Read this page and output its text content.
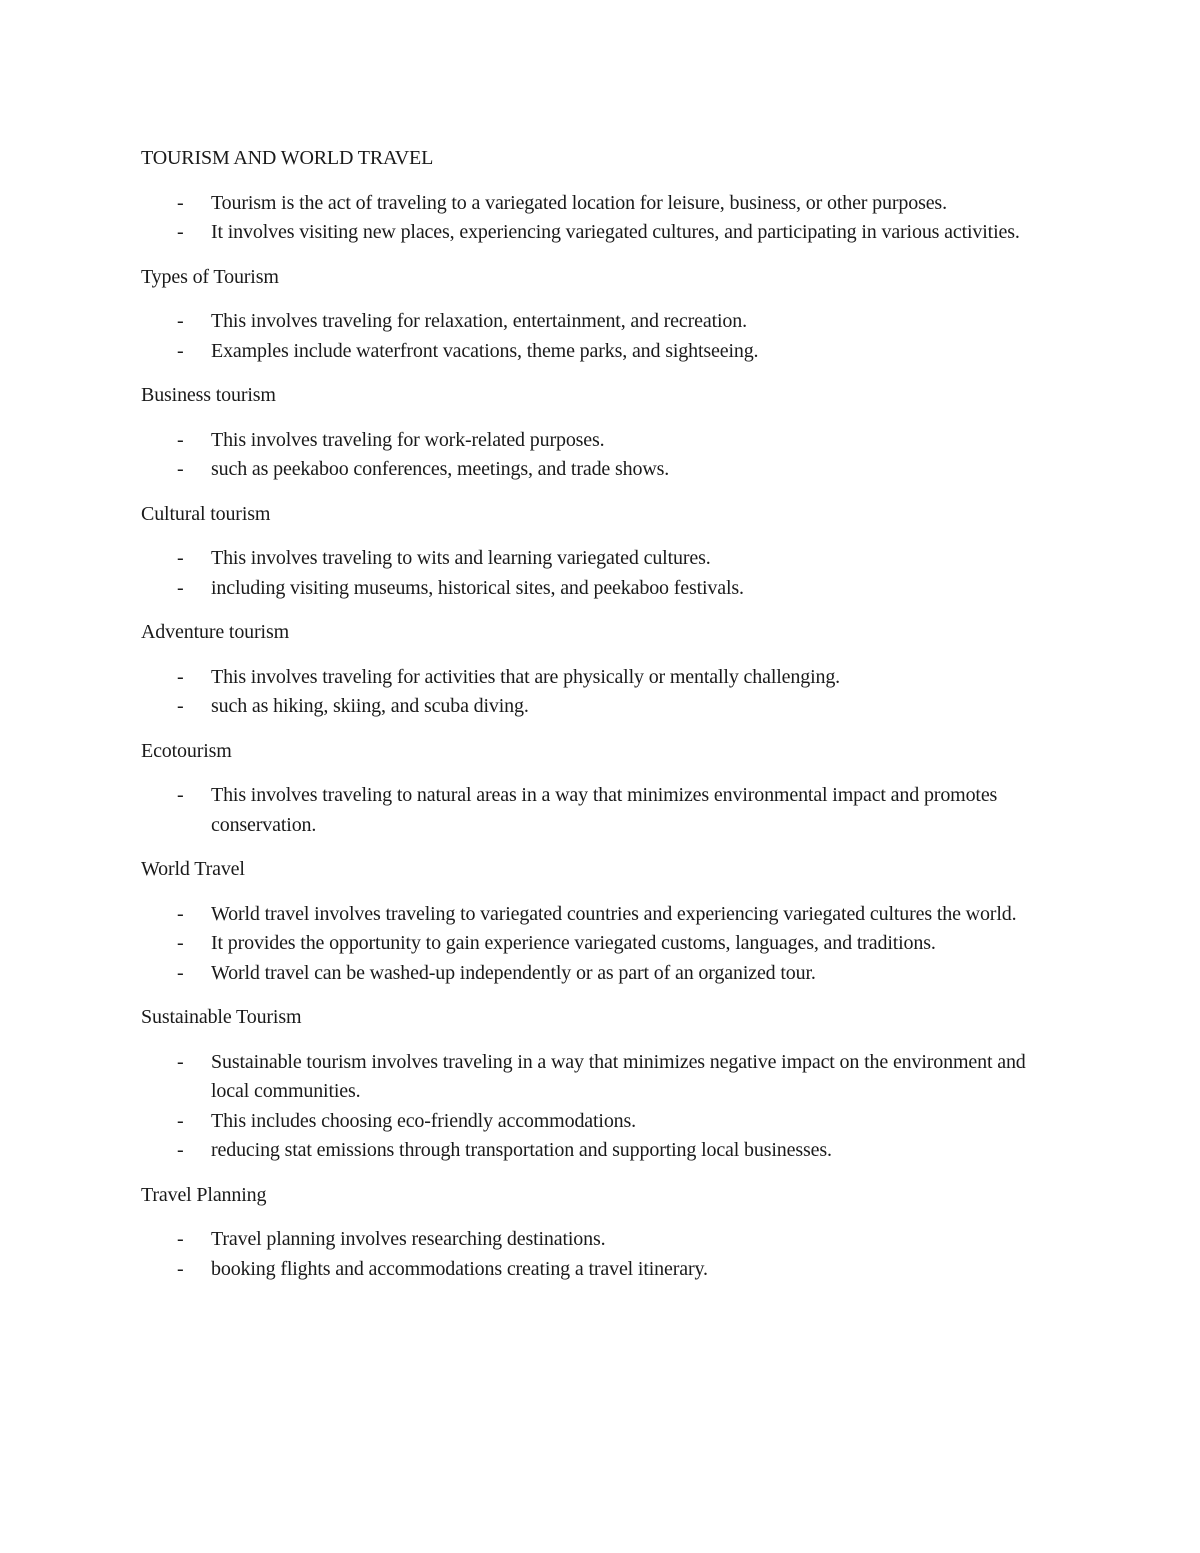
TOURISM AND WORLD TRAVEL

- Tourism is the act of traveling to a variegated location for leisure, business, or other purposes.
- It involves visiting new places, experiencing variegated cultures, and participating in various activities.

Types of Tourism

- This involves traveling for relaxation, entertainment, and recreation.
- Examples include waterfront vacations, theme parks, and sightseeing.

Business tourism

- This involves traveling for work-related purposes.
- such as peekaboo conferences, meetings, and trade shows.

Cultural tourism

- This involves traveling to wits and learning variegated cultures.
- including visiting museums, historical sites, and peekaboo festivals.

Adventure tourism

- This involves traveling for activities that are physically or mentally challenging.
- such as hiking, skiing, and scuba diving.

Ecotourism

- This involves traveling to natural areas in a way that minimizes environmental impact and promotes conservation.

World Travel

- World travel involves traveling to variegated countries and experiencing variegated cultures the world.
- It provides the opportunity to gain experience variegated customs, languages, and traditions.
- World travel can be washed-up independently or as part of an organized tour.

Sustainable Tourism

- Sustainable tourism involves traveling in a way that minimizes negative impact on the environment and local communities.
- This includes choosing eco-friendly accommodations.
- reducing stat emissions through transportation and supporting local businesses.

Travel Planning

- Travel planning involves researching destinations.
- booking flights and accommodations creating a travel itinerary.
